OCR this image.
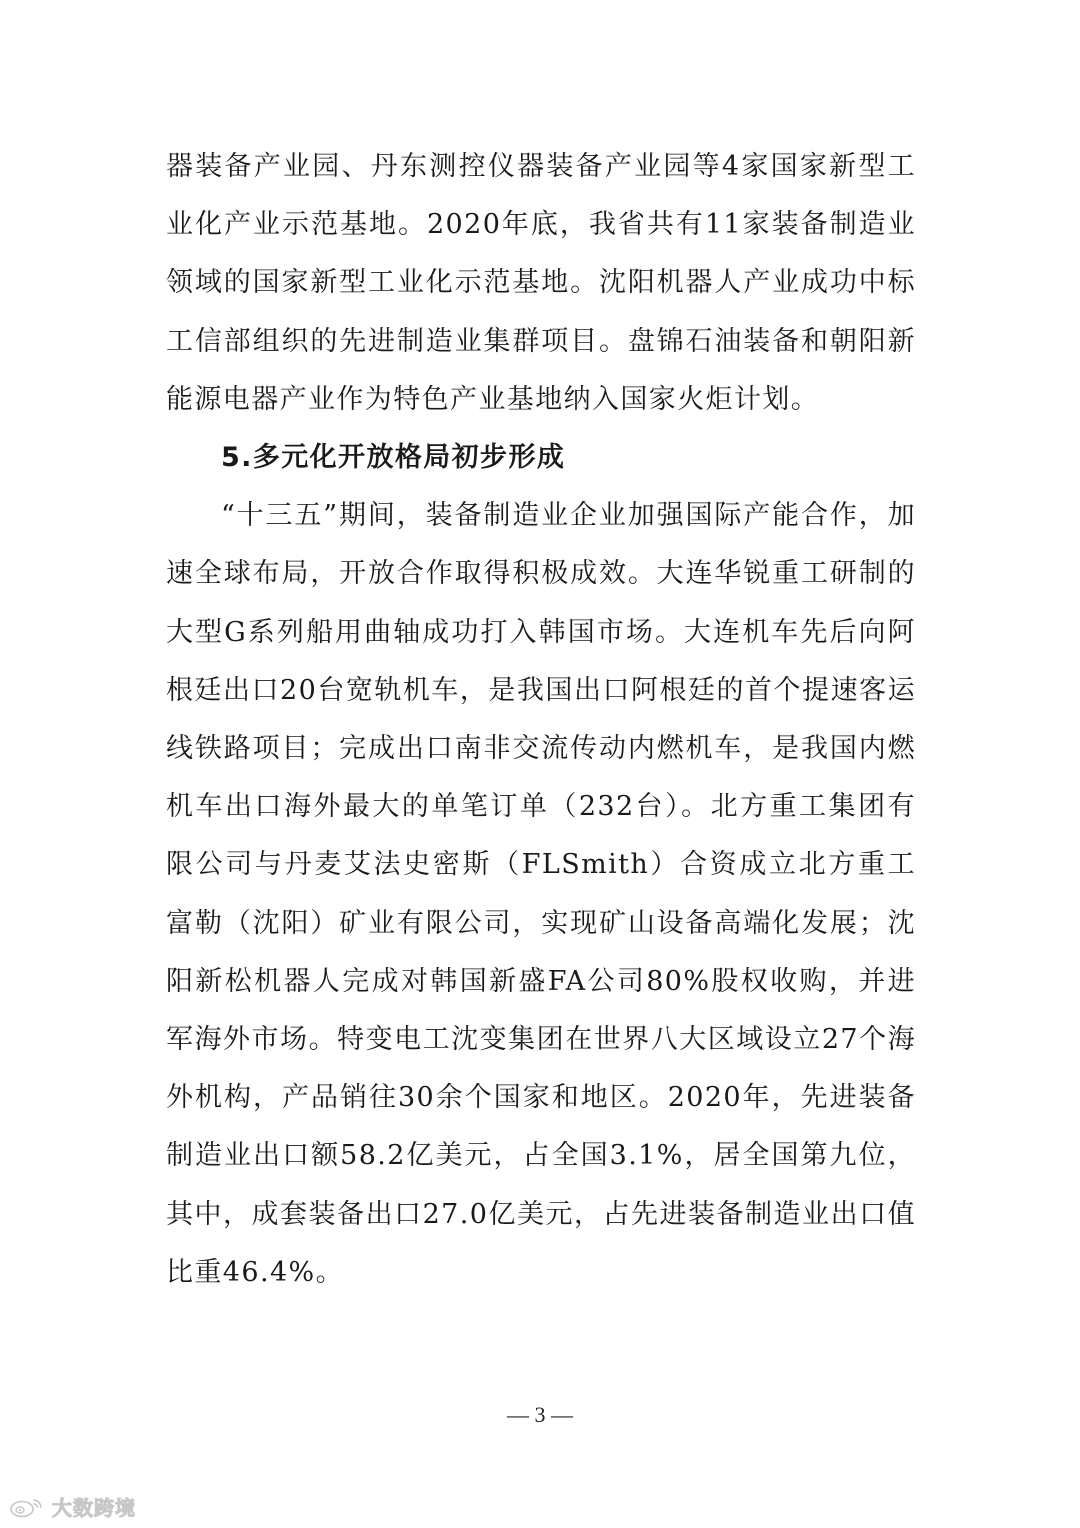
器装备产业园、丹东测控仪器装备产业园等4家国家新型工业化产业示范基地。2020年底，我省共有11家装备制造业领域的国家新型工业化示范基地。沈阳机器人产业成功中标工信部组织的先进制造业集群项目。盘锦石油装备和朝阳新能源电器产业作为特色产业基地纳入国家火炬计划。

5.多元化开放格局初步形成

“十三五”期间，装备制造业企业加强国际产能合作，加速全球布局，开放合作取得积极成效。大连华锐重工研制的大型G系列船用曲轴成功打入韩国市场。大连机车先后向阿根廷出口20台宽轨机车，是我国出口阿根廷的首个提速客运线铁路项目；完成出口南非交流传动内燃机车，是我国内燃机车出口海外最大的单笔订单（232台）。北方重工集团有限公司与丹麦艾法史密斯（FLSmith）合资成立北方重工富勒（沈阳）矿业有限公司，实现矿山设备高端化发展；沈阳新松机器人完成对韩国新盛FA公司80%股权收购，并进军海外市场。特变电工沈变集团在世界八大区域设立27个海外机构，产品销往30余个国家和地区。2020年，先进装备制造业出口额58.2亿美元，占全国3.1%，居全国第九位，其中，成套装备出口27.0亿美元，占先进装备制造业出口值比重46.4%。

— 3 —
大数跨境
